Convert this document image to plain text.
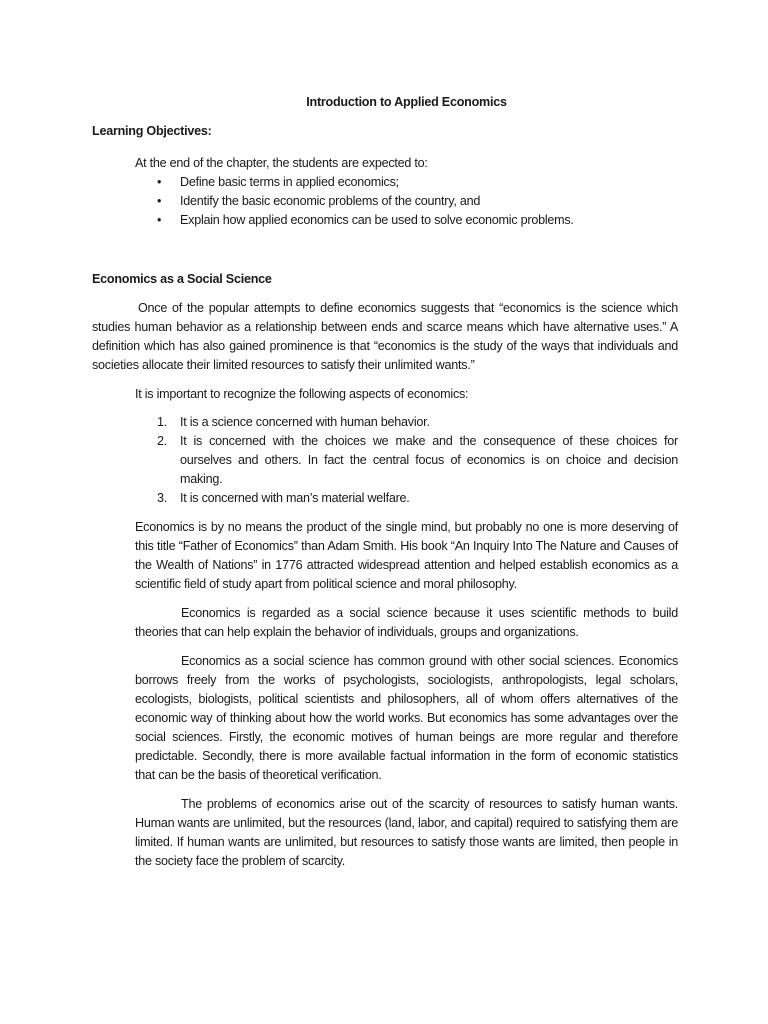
Introduction to Applied Economics

Learning Objectives:

At the end of the chapter, the students are expected to:

• Define basic terms in applied economics;
• Identify the basic economic problems of the country, and
• Explain how applied economics can be used to solve economic problems.

Economics as a Social Science

Once of the popular attempts to define economics suggests that “economics is the science which studies human behavior as a relationship between ends and scarce means which have alternative uses.” A definition which has also gained prominence is that “economics is the study of the ways that individuals and societies allocate their limited resources to satisfy their unlimited wants.”

It is important to recognize the following aspects of economics:

1. It is a science concerned with human behavior.
2. It is concerned with the choices we make and the consequence of these choices for ourselves and others. In fact the central focus of economics is on choice and decision making.
3. It is concerned with man’s material welfare.

Economics is by no means the product of the single mind, but probably no one is more deserving of this title “Father of Economics” than Adam Smith. His book “An Inquiry Into The Nature and Causes of the Wealth of Nations” in 1776 attracted widespread attention and helped establish economics as a scientific field of study apart from political science and moral philosophy.

Economics is regarded as a social science because it uses scientific methods to build theories that can help explain the behavior of individuals, groups and organizations.

Economics as a social science has common ground with other social sciences. Economics borrows freely from the works of psychologists, sociologists, anthropologists, legal scholars, ecologists, biologists, political scientists and philosophers, all of whom offers alternatives of the economic way of thinking about how the world works. But economics has some advantages over the social sciences. Firstly, the economic motives of human beings are more regular and therefore predictable. Secondly, there is more available factual information in the form of economic statistics that can be the basis of theoretical verification.

The problems of economics arise out of the scarcity of resources to satisfy human wants. Human wants are unlimited, but the resources (land, labor, and capital) required to satisfying them are limited. If human wants are unlimited, but resources to satisfy those wants are limited, then people in the society face the problem of scarcity.
